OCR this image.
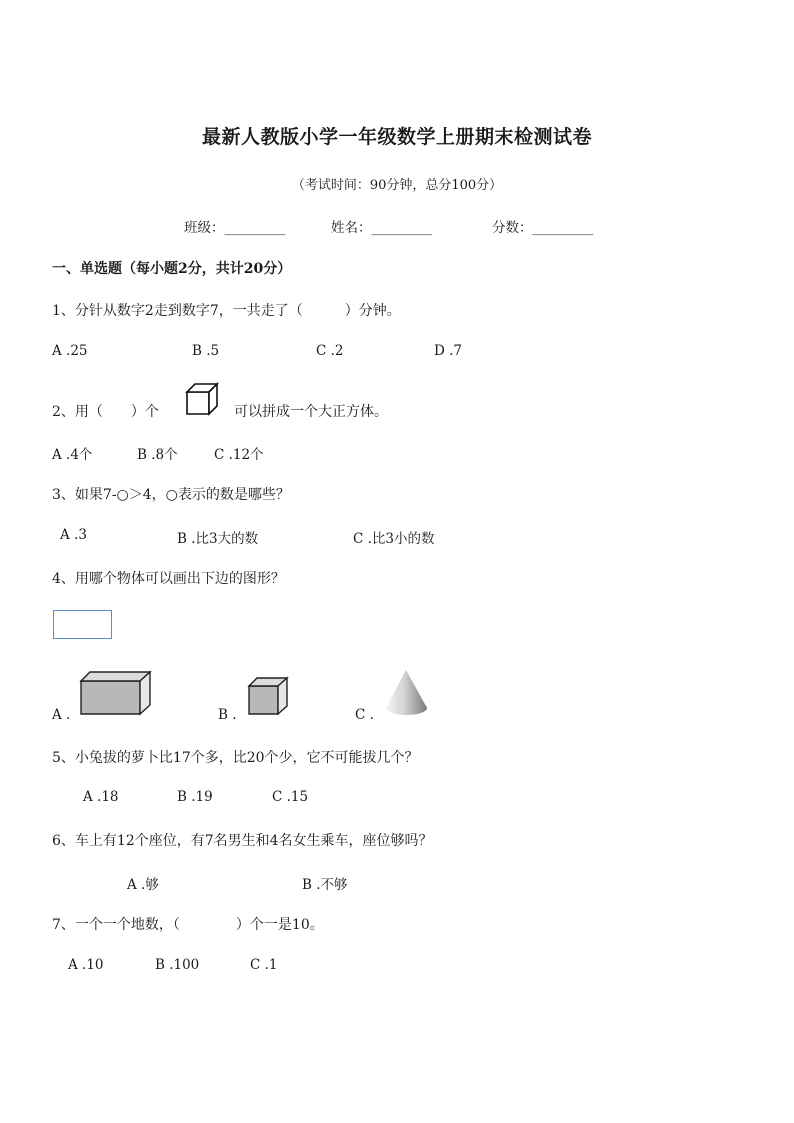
最新人教版小学一年级数学上册期末检测试卷
（考试时间：90分钟，总分100分）
班级：_________	姓名：_________	分数：_________
一、单选题（每小题2分，共计20分）
1、分针从数字2走到数字7，一共走了（　　　）分钟。
A .25	B .5	C .2	D .7
2、用（　　）个	可以拼成一个大正方体。
A .4个	B .8个	C .12个
3、如果7-○＞4，○表示的数是哪些？
A .3	B .比3大的数	C .比3小的数
4、用哪个物体可以画出下边的图形？
A .	B .	C .
5、小兔拔的萝卜比17个多，比20个少，它不可能拔几个？
A .18	B .19	C .15
6、车上有12个座位，有7名男生和4名女生乘车，座位够吗？
A .够	B .不够
7、一个一个地数，（　　　　）个一是10。
A .10	B .100	C .1
